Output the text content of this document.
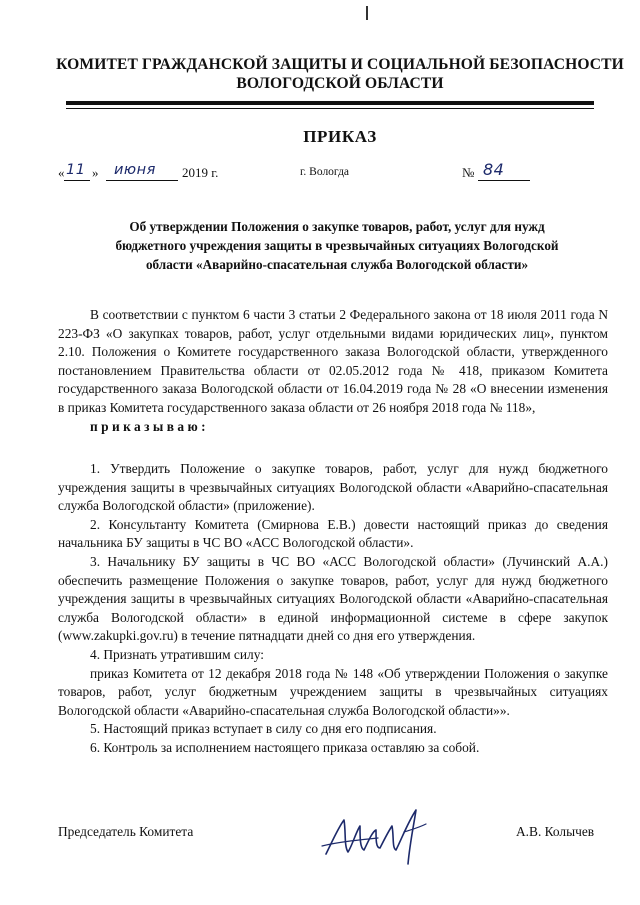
КОМИТЕТ ГРАЖДАНСКОЙ ЗАЩИТЫ И СОЦИАЛЬНОЙ БЕЗОПАСНОСТИ
ВОЛОГОДСКОЙ ОБЛАСТИ
ПРИКАЗ
« 11 » июня 2019 г.	г. Вологда	№ 84
Об утверждении Положения о закупке товаров, работ, услуг для нужд
бюджетного учреждения защиты в чрезвычайных ситуациях Вологодской
области «Аварийно-спасательная служба Вологодской области»

В соответствии с пунктом 6 части 3 статьи 2 Федерального закона от 18 июля 2011 года N 223-ФЗ «О закупках товаров, работ, услуг отдельными видами юридических лиц», пунктом 2.10. Положения о Комитете государственного заказа Вологодской области, утвержденного постановлением Правительства области от 02.05.2012 года № 418, приказом Комитета государственного заказа Вологодской области от 16.04.2019 года № 28 «О внесении изменения в приказ Комитета государственного заказа области от 26 ноября 2018 года № 118»,

приказываю:

1. Утвердить Положение о закупке товаров, работ, услуг для нужд бюджетного учреждения защиты в чрезвычайных ситуациях Вологодской области «Аварийно-спасательная служба Вологодской области» (приложение).

2. Консультанту Комитета (Смирнова Е.В.) довести настоящий приказ до сведения начальника БУ защиты в ЧС ВО «АСС Вологодской области».

3. Начальнику БУ защиты в ЧС ВО «АСС Вологодской области» (Лучинский А.А.) обеспечить размещение Положения о закупке товаров, работ, услуг для нужд бюджетного учреждения защиты в чрезвычайных ситуациях Вологодской области «Аварийно-спасательная служба Вологодской области» в единой информационной системе в сфере закупок (www.zakupki.gov.ru) в течение пятнадцати дней со дня его утверждения.

4. Признать утратившим силу:

приказ Комитета от 12 декабря 2018 года № 148 «Об утверждении Положения о закупке товаров, работ, услуг бюджетным учреждением защиты в чрезвычайных ситуациях Вологодской области «Аварийно-спасательная служба Вологодской области»».

5. Настоящий приказ вступает в силу со дня его подписания.

6. Контроль за исполнением настоящего приказа оставляю за собой.

Председатель Комитета	А.В. Колычев
